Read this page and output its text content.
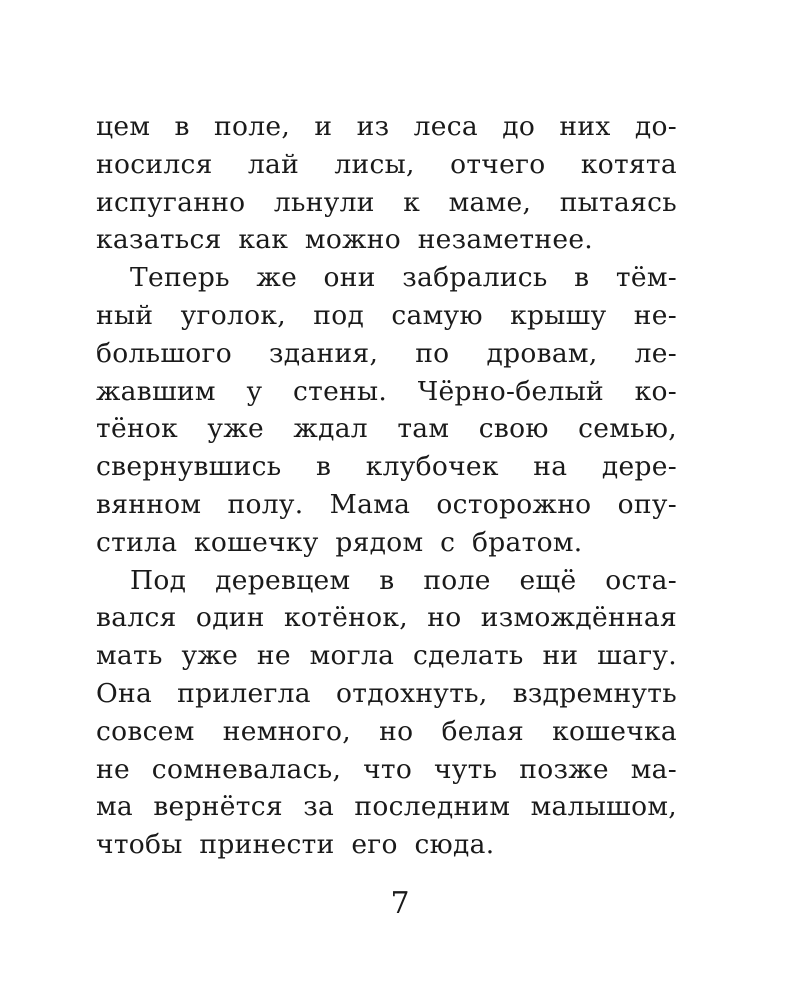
цем в поле, и из леса до них до-
носился лай лисы, отчего котята
испуганно льнули к маме, пытаясь
казаться как можно незаметнее.
Теперь же они забрались в тём-
ный уголок, под самую крышу не-
большого здания, по дровам, ле-
жавшим у стены. Чёрно-белый ко-
тёнок уже ждал там свою семью,
свернувшись в клубочек на дере-
вянном полу. Мама осторожно опу-
стила кошечку рядом с братом.
Под деревцем в поле ещё оста-
вался один котёнок, но измождённая
мать уже не могла сделать ни шагу.
Она прилегла отдохнуть, вздремнуть
совсем немного, но белая кошечка
не сомневалась, что чуть позже ма-
ма вернётся за последним малышом,
чтобы принести его сюда.
7
